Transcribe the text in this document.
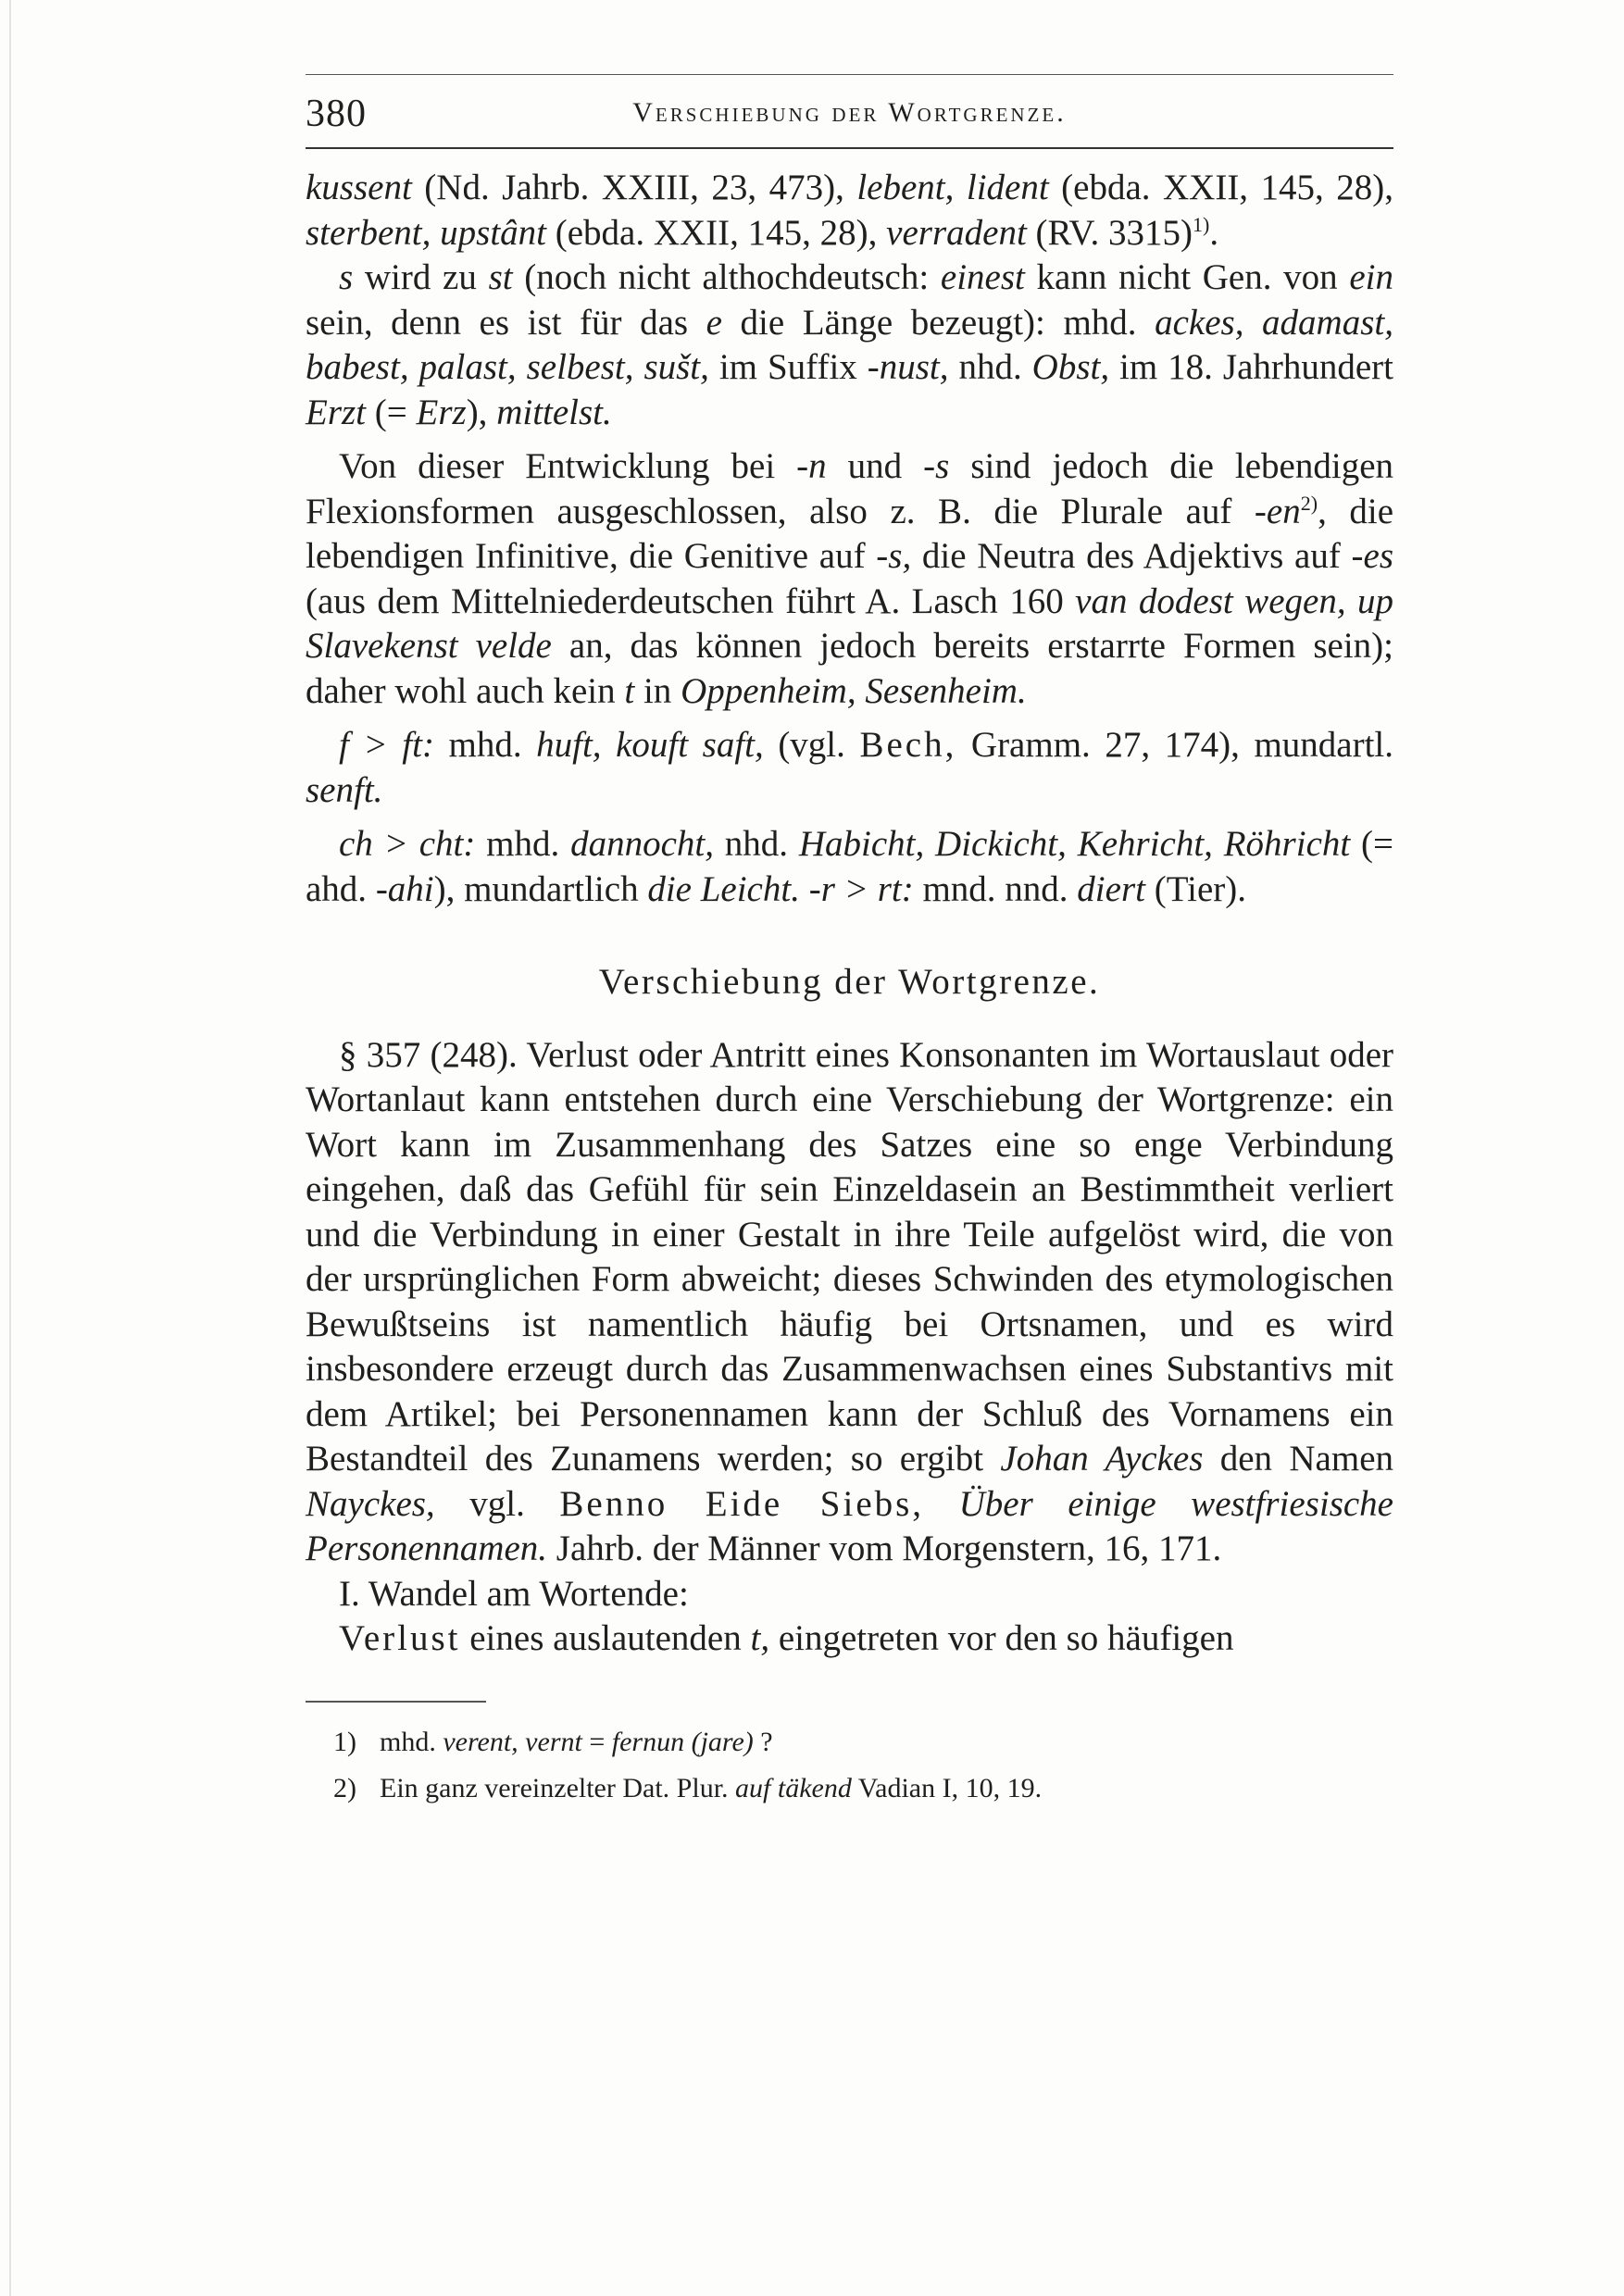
380	Verschiebung der Wortgrenze.

kussent (Nd. Jahrb. XXIII, 23, 473), lebent, lident (ebda. XXII, 145, 28), sterbent, upstânt (ebda. XXII, 145, 28), verradent (RV. 3315)$^{1)}$.

s wird zu st (noch nicht althochdeutsch: einest kann nicht Gen. von ein sein, denn es ist für das e die Länge bezeugt): mhd. ackes, adamast, babest, palast, selbest, sušt, im Suffix -nust, nhd. Obst, im 18. Jahrhundert Erzt (= Erz), mittelst.

Von dieser Entwicklung bei -n und -s sind jedoch die lebendigen Flexionsformen ausgeschlossen, also z. B. die Plurale auf $-en^{2)}$, die lebendigen Infinitive, die Genitive auf -s, die Neutra des Adjektivs auf -es (aus dem Mittelniederdeutschen führt A. Lasch 160 van dodest wegen, up Slavekenst velde an, das können jedoch bereits erstarrte Formen sein); daher wohl auch kein t in Oppenheim, Sesenheim.

f > ft: mhd. huft, kouft saft, (vgl. Bech, Gramm. 27, 174), mundartl. senft.

ch > cht: mhd. dannocht, nhd. Habicht, Dickicht, Kehricht, Röhricht (= ahd. -ahi), mundartlich die Leicht. -r > rt: mnd. nnd. diert (Tier).

Verschiebung der Wortgrenze.

§ 357 (248). Verlust oder Antritt eines Konsonanten im Wortauslaut oder Wortanlaut kann entstehen durch eine Verschiebung der Wortgrenze: ein Wort kann im Zusammenhang des Satzes eine so enge Verbindung eingehen, daß das Gefühl für sein Einzeldasein an Bestimmtheit verliert und die Verbindung in einer Gestalt in ihre Teile aufgelöst wird, die von der ursprünglichen Form abweicht; dieses Schwinden des etymologischen Bewußtseins ist namentlich häufig bei Ortsnamen, und es wird insbesondere erzeugt durch das Zusammenwachsen eines Substantivs mit dem Artikel; bei Personennamen kann der Schluß des Vornamens ein Bestandteil des Zunamens werden; so ergibt Johan Ayckes den Namen Nayckes, vgl. Benno Eide Siebs, Über einige westfriesische Personennamen. Jahrb. der Männer vom Morgenstern, 16, 171.

I. Wandel am Wortende:

Verlust eines auslautenden t, eingetreten vor den so häufigen

1) mhd. verent, vernt = fernun (jare) ?

2) Ein ganz vereinzelter Dat. Plur. auf täkend Vadian I, 10, 19.
